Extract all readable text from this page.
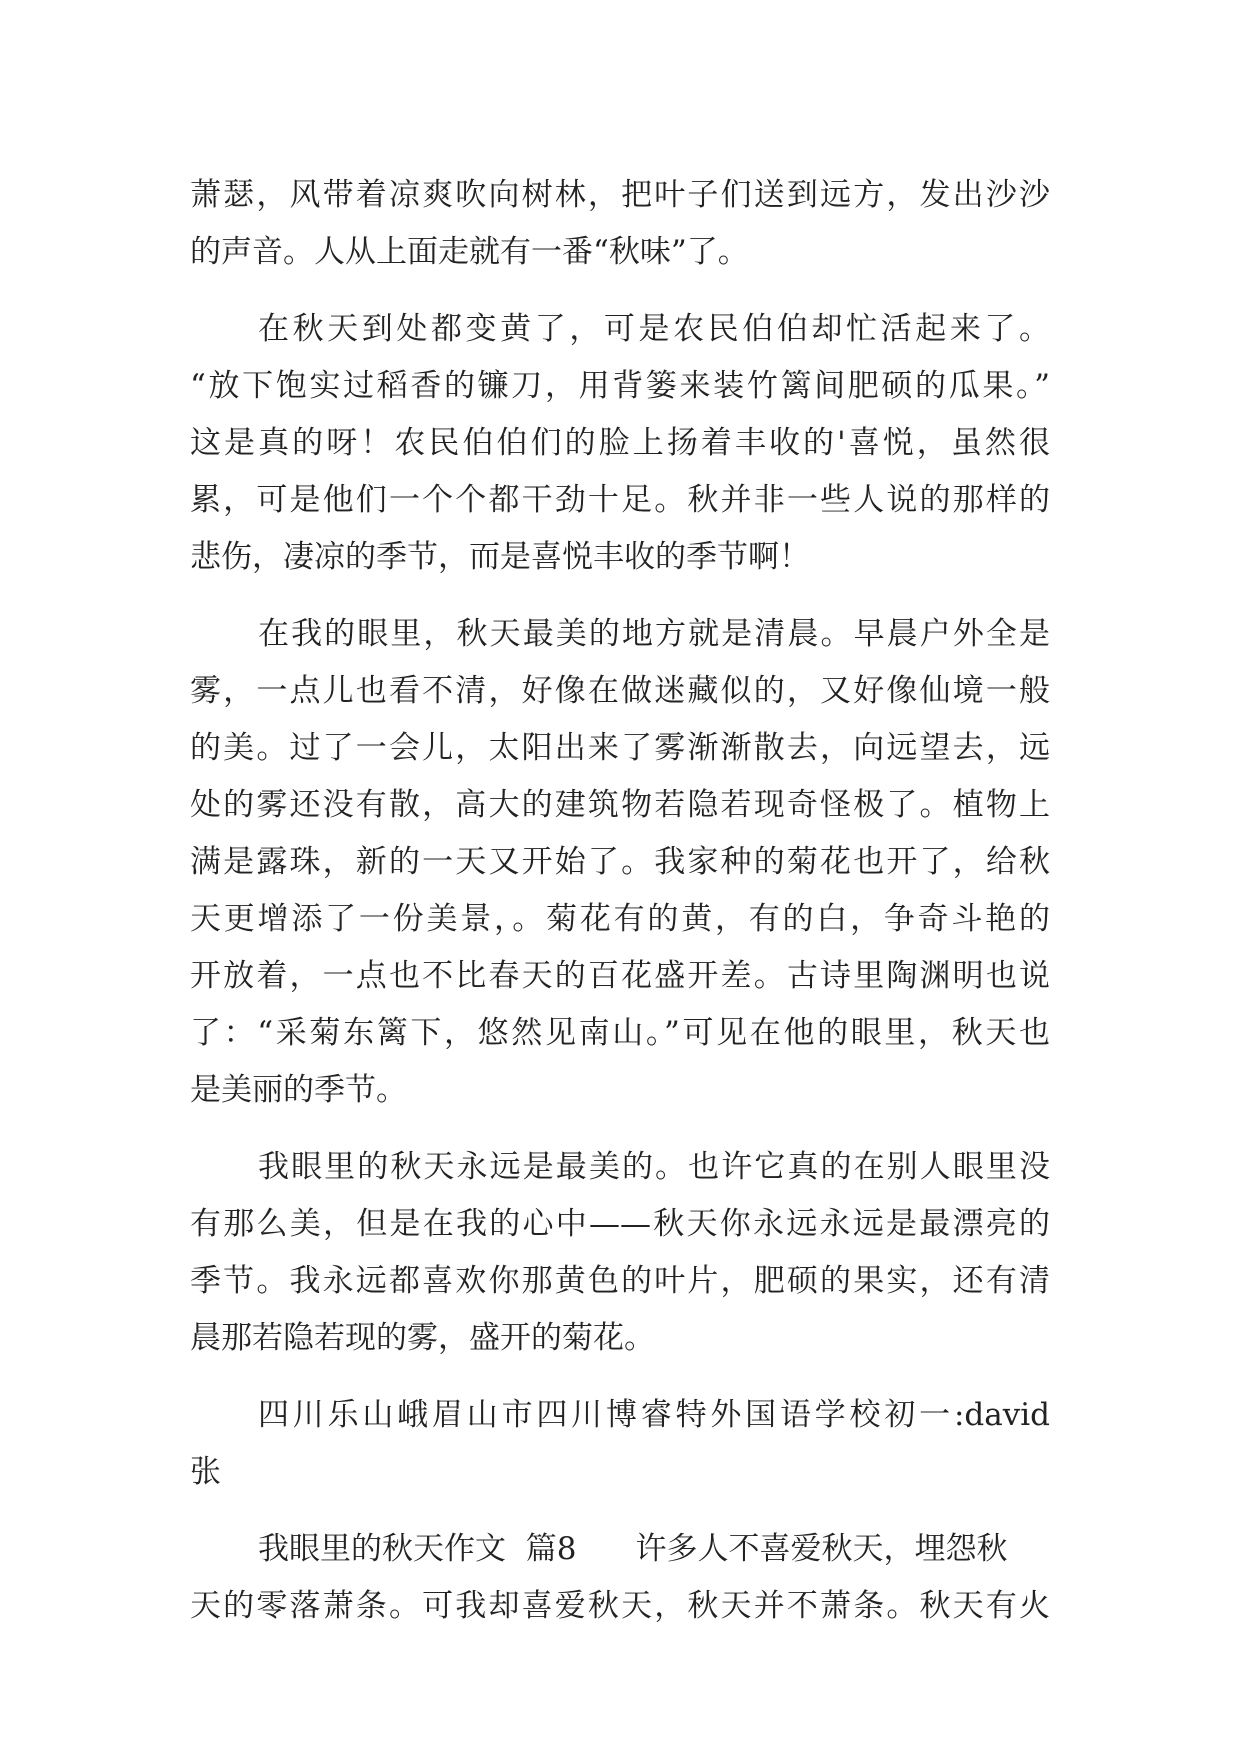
萧瑟，风带着凉爽吹向树林，把叶子们送到远方，发出沙沙
的声音。人从上面走就有一番“秋味”了。
在秋天到处都变黄了，可是农民伯伯却忙活起来了。
“放下饱实过稻香的镰刀，用背篓来装竹篱间肥硕的瓜果。”
这是真的呀！农民伯伯们的脸上扬着丰收的'喜悦，虽然很
累，可是他们一个个都干劲十足。秋并非一些人说的那样的
悲伤，凄凉的季节，而是喜悦丰收的季节啊！
在我的眼里，秋天最美的地方就是清晨。早晨户外全是
雾，一点儿也看不清，好像在做迷藏似的，又好像仙境一般
的美。过了一会儿，太阳出来了雾渐渐散去，向远望去，远
处的雾还没有散，高大的建筑物若隐若现奇怪极了。植物上
满是露珠，新的一天又开始了。我家种的菊花也开了，给秋
天更增添了一份美景，。菊花有的黄，有的白，争奇斗艳的
开放着，一点也不比春天的百花盛开差。古诗里陶渊明也说
了：“采菊东篱下，悠然见南山。”可见在他的眼里，秋天也
是美丽的季节。
我眼里的秋天永远是最美的。也许它真的在别人眼里没
有那么美，但是在我的心中——秋天你永远永远是最漂亮的
季节。我永远都喜欢你那黄色的叶片，肥硕的果实，还有清
晨那若隐若现的雾，盛开的菊花。
四川乐山峨眉山市四川博睿特外国语学校初一:david
张
我眼里的秋天作文  篇8      许多人不喜爱秋天，埋怨秋
天的零落萧条。可我却喜爱秋天，秋天并不萧条。秋天有火
